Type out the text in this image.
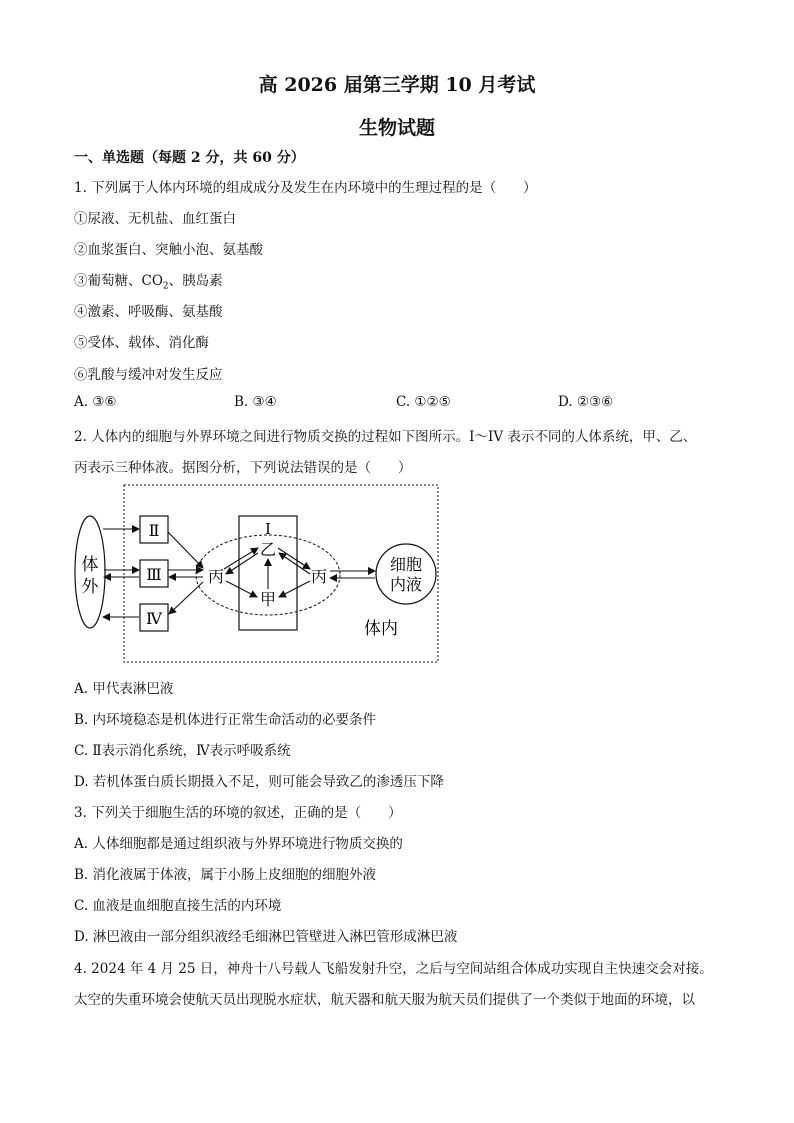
高 2026 届第三学期 10 月考试
生物试题
一、单选题（每题 2 分，共 60 分）
1. 下列属于人体内环境的组成成分及发生在内环境中的生理过程的是（　　）
①尿液、无机盐、血红蛋白
②血浆蛋白、突触小泡、氨基酸
③葡萄糖、$CO_2$、胰岛素
④激素、呼吸酶、氨基酸
⑤受体、载体、消化酶
⑥乳酸与缓冲对发生反应
A. ③⑥	B. ③④	C. ①②⑤	D. ②③⑥
2. 人体内的细胞与外界环境之间进行物质交换的过程如下图所示。I～IV 表示不同的人体系统，甲、乙、
丙表示三种体液。据图分析，下列说法错误的是（　　）
体
外
Ⅱ
Ⅲ
Ⅳ
Ⅰ
乙
丙	丙
甲
细胞
内液
体内
A. 甲代表淋巴液
B. 内环境稳态是机体进行正常生命活动的必要条件
C. Ⅱ表示消化系统，Ⅳ表示呼吸系统
D. 若机体蛋白质长期摄入不足，则可能会导致乙的渗透压下降
3. 下列关于细胞生活的环境的叙述，正确的是（　　）
A. 人体细胞都是通过组织液与外界环境进行物质交换的
B. 消化液属于体液，属于小肠上皮细胞的细胞外液
C. 血液是血细胞直接生活的内环境
D. 淋巴液由一部分组织液经毛细淋巴管壁进入淋巴管形成淋巴液
4. 2024 年 4 月 25 日，神舟十八号载人飞船发射升空，之后与空间站组合体成功实现自主快速交会对接。
太空的失重环境会使航天员出现脱水症状，航天器和航天服为航天员们提供了一个类似于地面的环境，以
